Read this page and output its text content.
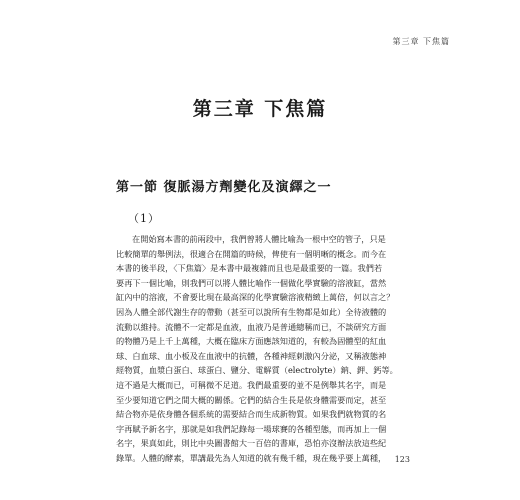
第三章 下焦篇
第三章 下焦篇
第一節 復脈湯方劑變化及演繹之一
（1）
在開始寫本書的前兩段中，我們曾將人體比喻為一根中空的管子，只是
比較簡單的舉例法，很適合在開篇的時候，俾使有一個明晰的概念。而今在
本書的後半段，〈下焦篇〉是本書中最複雜而且也是最重要的一篇。我們若
要再下一個比喻，則我們可以將人體比喻作一個做化學實驗的溶液缸，當然
缸內中的溶液，不會要比現在最高深的化學實驗溶液精緻上萬倍，何以言之？
因為人體全部代謝生存的帶動（甚至可以說所有生物都是如此）全待液體的
流動以維持。流體不一定都是血液，血液乃是普通總稱而已，不談研究方面
的物體乃是上千上萬種，大概在臨床方面應該知道的，有較為固體型的紅血
球、白血球、血小板及在血液中的抗體，各種神經刺激內分泌，又稱液態神
經物質，血漿白蛋白、球蛋白、鹽分、電解質（electrolyte）鈉、鉀、鈣等。
這不過是大概而已，可稱微不足道。我們最重要的並不是例舉其名字，而是
至少要知道它們之間大概的關係。它們的結合生長是依身體需要而定，甚至
結合物亦是依身體各個系統的需要結合而生成新物質。如果我們就物質的名
字再賦予新名字，那就是如我們記錄每一場球賽的各種型態，而再加上一個
名字，果真如此，則比中央圖書館大一百倍的書庫，恐怕亦沒辦法放這些紀
錄單。人體的酵素，單講最先為人知道的就有幾千種，現在幾乎要上萬種，	123
